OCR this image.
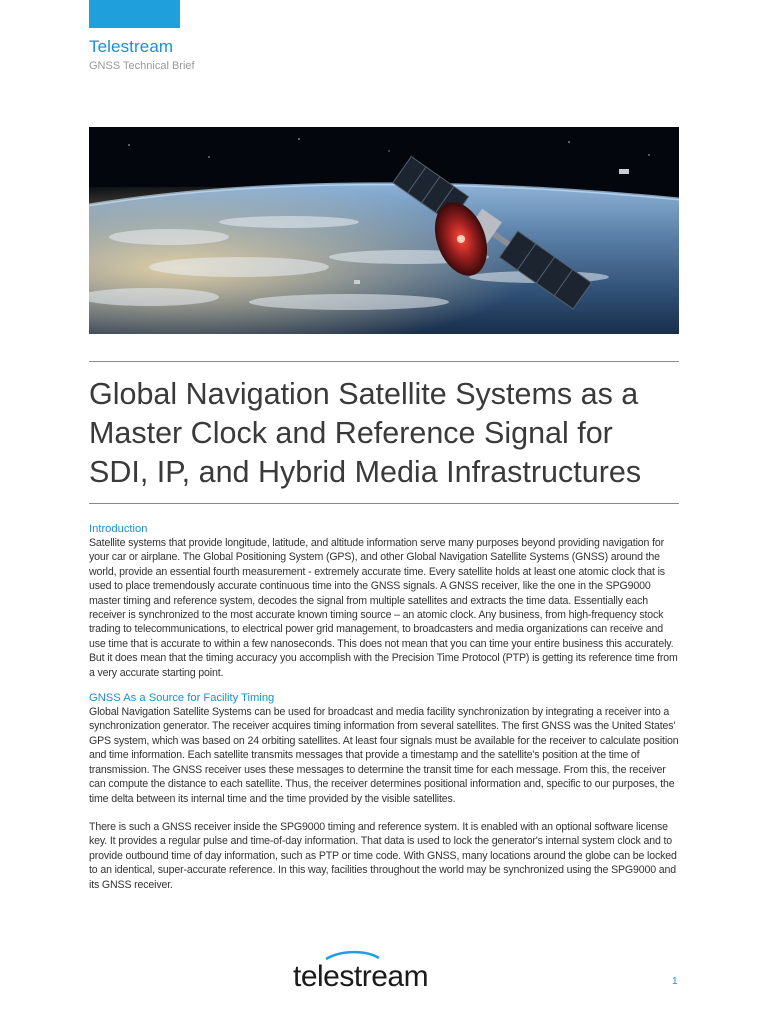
Telestream
GNSS Technical Brief
Global Navigation Satellite Systems as a
Master Clock and Reference Signal for
SDI, IP, and Hybrid Media Infrastructures

Introduction

Satellite systems that provide longitude, latitude, and altitude information serve many purposes beyond providing navigation for your car or airplane. The Global Positioning System (GPS), and other Global Navigation Satellite Systems (GNSS) around the world, provide an essential fourth measurement - extremely accurate time. Every satellite holds at least one atomic clock that is used to place tremendously accurate continuous time into the GNSS signals. A GNSS receiver, like the one in the SPG9000 master timing and reference system, decodes the signal from multiple satellites and extracts the time data. Essentially each receiver is synchronized to the most accurate known timing source – an atomic clock. Any business, from high-frequency stock trading to telecommunications, to electrical power grid management, to broadcasters and media organizations can receive and use time that is accurate to within a few nanoseconds. This does not mean that you can time your entire business this accurately. But it does mean that the timing accuracy you accomplish with the Precision Time Protocol (PTP) is getting its reference time from a very accurate starting point.

GNSS As a Source for Facility Timing

Global Navigation Satellite Systems can be used for broadcast and media facility synchronization by integrating a receiver into a synchronization generator. The receiver acquires timing information from several satellites. The first GNSS was the United States' GPS system, which was based on 24 orbiting satellites. At least four signals must be available for the receiver to calculate position and time information. Each satellite transmits messages that provide a timestamp and the satellite's position at the time of transmission. The GNSS receiver uses these messages to determine the transit time for each message. From this, the receiver can compute the distance to each satellite. Thus, the receiver determines positional information and, specific to our purposes, the time delta between its internal time and the time provided by the visible satellites.

There is such a GNSS receiver inside the SPG9000 timing and reference system. It is enabled with an optional software license key. It provides a regular pulse and time-of-day information. That data is used to lock the generator's internal system clock and to provide outbound time of day information, such as PTP or time code. With GNSS, many locations around the globe can be locked to an identical, super-accurate reference. In this way, facilities throughout the world may be synchronized using the SPG9000 and its GNSS receiver.

telestream	1
